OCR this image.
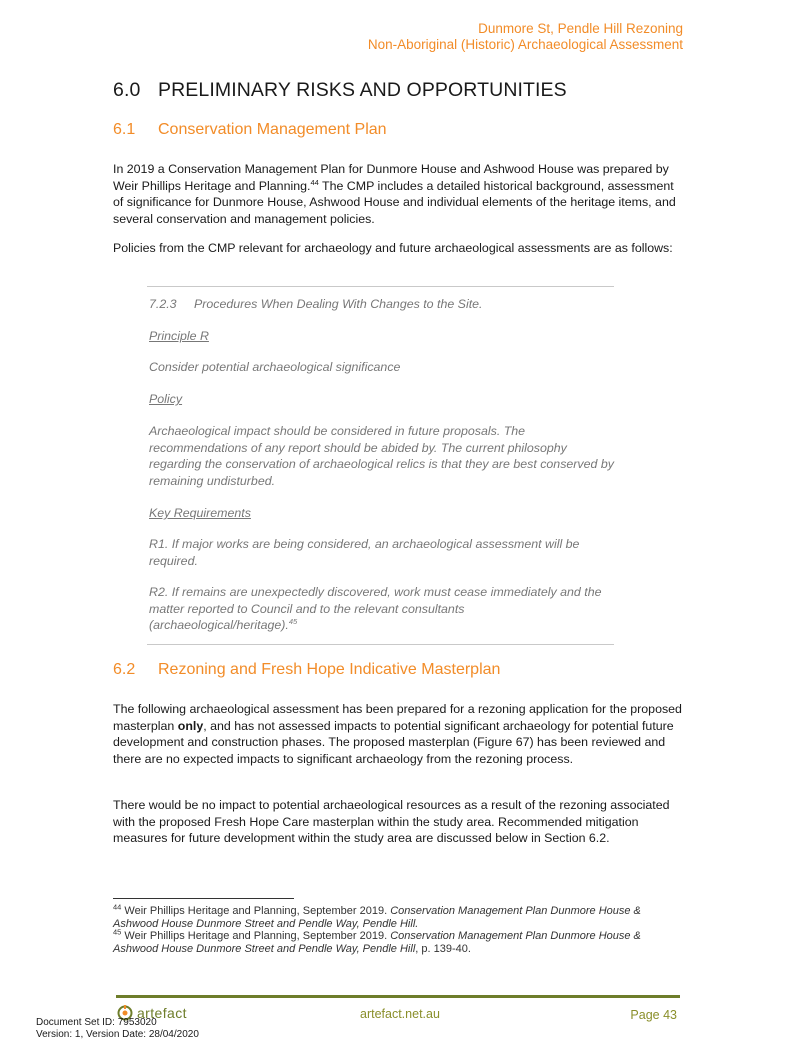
Dunmore St, Pendle Hill Rezoning
Non-Aboriginal (Historic) Archaeological Assessment
6.0 PRELIMINARY RISKS AND OPPORTUNITIES
6.1 Conservation Management Plan

In 2019 a Conservation Management Plan for Dunmore House and Ashwood House was prepared by Weir Phillips Heritage and Planning.$^{44}$ The CMP includes a detailed historical background, assessment of significance for Dunmore House, Ashwood House and individual elements of the heritage items, and several conservation and management policies.

Policies from the CMP relevant for archaeology and future archaeological assessments are as follows:

7.2.3 Procedures When Dealing With Changes to the Site.

Principle R

Consider potential archaeological significance

Policy

Archaeological impact should be considered in future proposals. The recommendations of any report should be abided by. The current philosophy regarding the conservation of archaeological relics is that they are best conserved by remaining undisturbed.

Key Requirements

R1. If major works are being considered, an archaeological assessment will be required.

R2. If remains are unexpectedly discovered, work must cease immediately and the matter reported to Council and to the relevant consultants (archaeological/heritage).$^{45}$

6.2 Rezoning and Fresh Hope Indicative Masterplan

The following archaeological assessment has been prepared for a rezoning application for the proposed masterplan only, and has not assessed impacts to potential significant archaeology for potential future development and construction phases. The proposed masterplan (Figure 67) has been reviewed and there are no expected impacts to significant archaeology from the rezoning process.

There would be no impact to potential archaeological resources as a result of the rezoning associated with the proposed Fresh Hope Care masterplan within the study area. Recommended mitigation measures for future development within the study area are discussed below in Section 6.2.

$^{44}$ Weir Phillips Heritage and Planning, September 2019. Conservation Management Plan Dunmore House & Ashwood House Dunmore Street and Pendle Way, Pendle Hill.

$^{45}$ Weir Phillips Heritage and Planning, September 2019. Conservation Management Plan Dunmore House & Ashwood House Dunmore Street and Pendle Way, Pendle Hill, p. 139-40.

artefact	artefact.net.au	Page 43
Document Set ID: 7953020
Version: 1, Version Date: 28/04/2020
